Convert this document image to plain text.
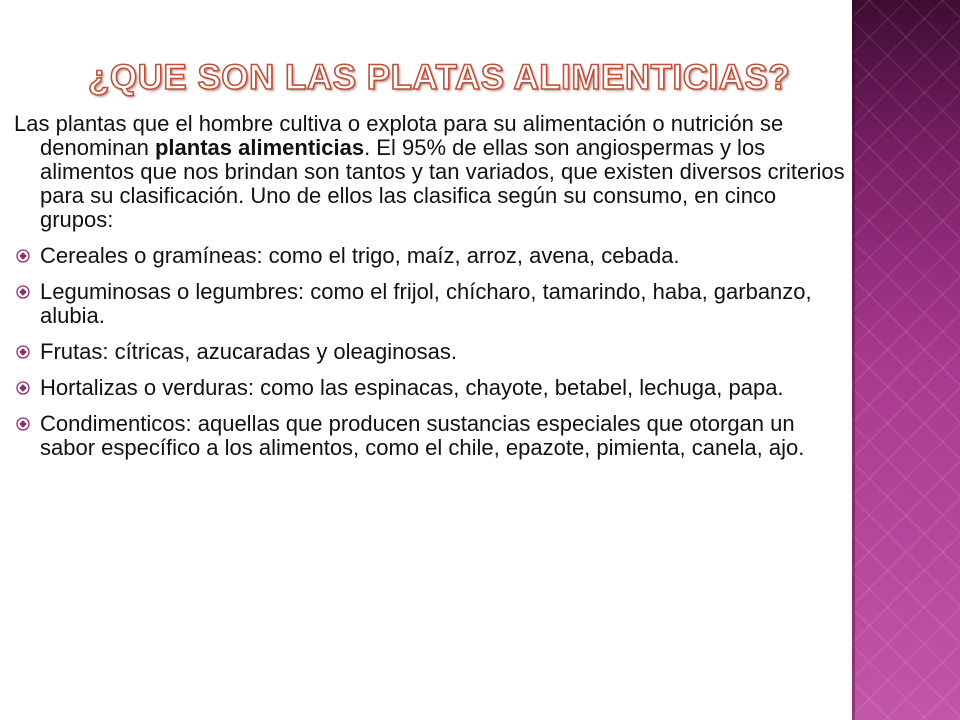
¿QUE SON LAS PLATAS ALIMENTICIAS?

Las plantas que el hombre cultiva o explota para su alimentación o nutrición se denominan plantas alimenticias. El 95% de ellas son angiospermas y los alimentos que nos brindan son tantos y tan variados, que existen diversos criterios para su clasificación. Uno de ellos las clasifica según su consumo, en cinco grupos:

Cereales o gramíneas: como el trigo, maíz, arroz, avena, cebada.
Leguminosas o legumbres: como el frijol, chícharo, tamarindo, haba, garbanzo, alubia.
Frutas: cítricas, azucaradas y oleaginosas.
Hortalizas o verduras: como las espinacas, chayote, betabel, lechuga, papa.
Condimenticos: aquellas que producen sustancias especiales que otorgan un sabor específico a los alimentos, como el chile, epazote, pimienta, canela, ajo.
